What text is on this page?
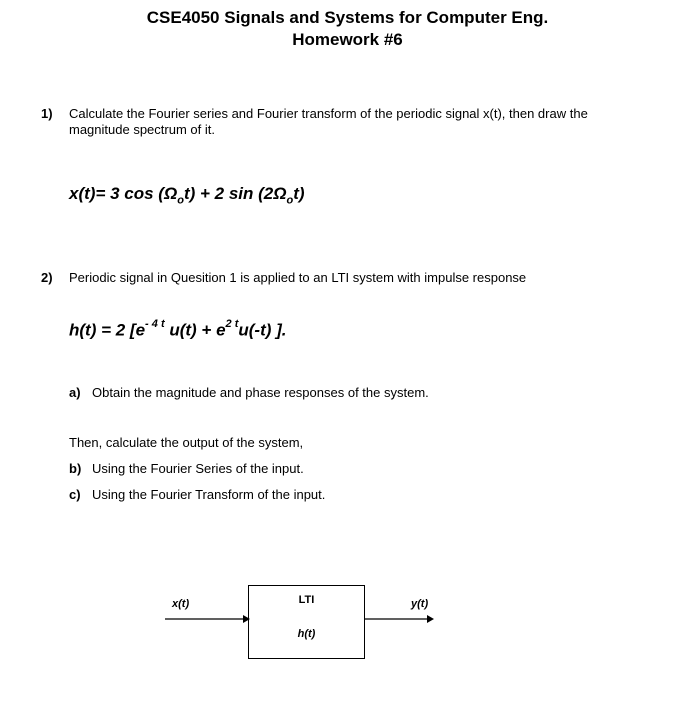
CSE4050 Signals and Systems for Computer Eng.
Homework #6
1) Calculate the Fourier series and Fourier transform of the periodic signal x(t), then draw the
magnitude spectrum of it.
x(t)= 3 $\cos (\Omega_ot) + 2$ $\sin (2\Omega_ot)$
2) Periodic signal in Quesition 1 is applied to an LTI system with impulse response
h(t) = 2 [$e^{- 4 t}$ $u(t) + e^{2 t}u(-t)$ ].
a) Obtain the magnitude and phase responses of the system.
Then, calculate the output of the system,
b) Using the Fourier Series of the input.
c) Using the Fourier Transform of the input.
x(t)	LTI
h(t)
y(t)
